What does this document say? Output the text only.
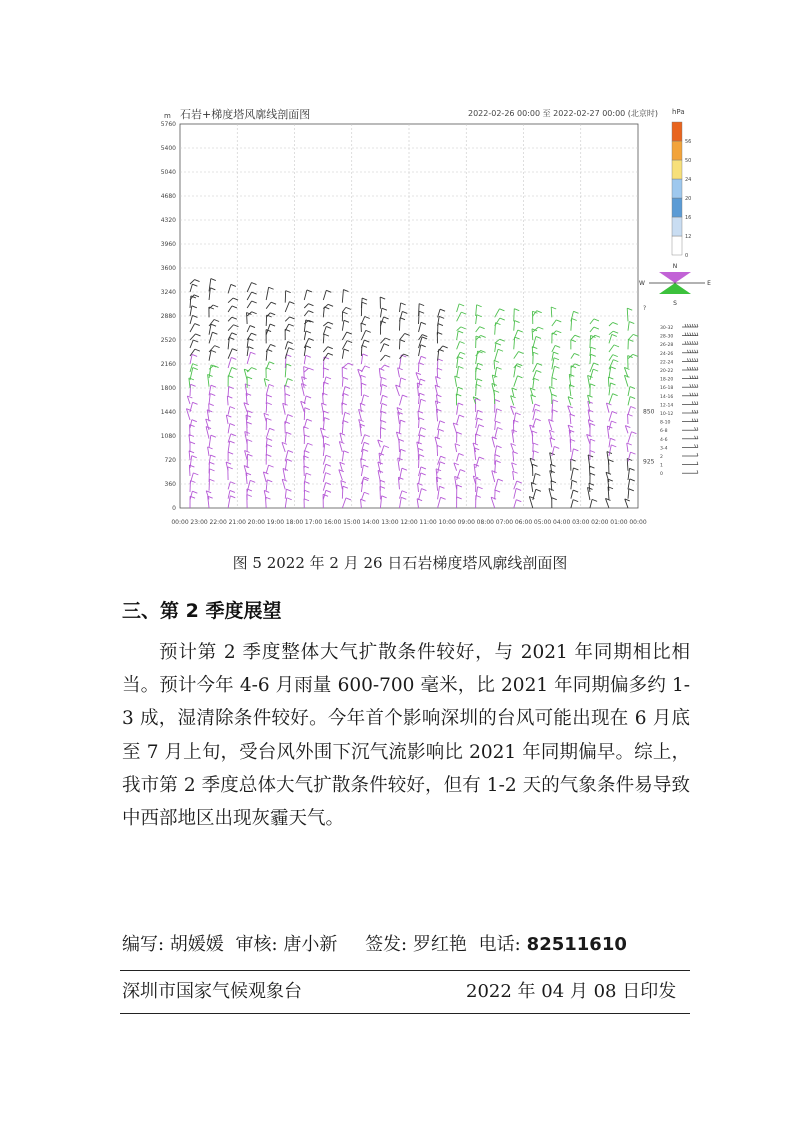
0
360
720
1080
1440
1800
2160
2520
2880
3240
3600
3960
4320
4680
5040
5400
5760
00:00 23:00 22:00 21:00 20:00 19:00 18:00 17:00 16:00 15:00 14:00 13:00 12:00 11:00 10:00 09:00 08:00 07:00 06:00 05:00 04:00 03:00 02:00 01:00 00:00
?
850
925
0
12
16
20
24
50
56
N
S
W	E
30-32
28-30
26-28
24-26
22-24
20-22
18-20
16-18
14-16
12-14
10-12
8-10
6-8
4-6
3-4
2
1
0
石岩+梯度塔风廓线剖面图	2022-02-26 00:00 至 2022-02-27 00:00 (北京时)
m	hPa
图 5 2022 年 2 月 26 日石岩梯度塔风廓线剖面图
三、第 2 季度展望

预计第 2 季度整体大气扩散条件较好，与 2021 年同期相比相当。预计今年 4-6 月雨量 600-700 毫米，比 2021 年同期偏多约 1-3 成，湿清除条件较好。今年首个影响深圳的台风可能出现在 6 月底至 7 月上旬，受台风外围下沉气流影响比 2021 年同期偏早。综上，我市第 2 季度总体大气扩散条件较好，但有 1-2 天的气象条件易导致中西部地区出现灰霾天气。

编写: 胡媛媛 审核: 唐小新 签发: 罗红艳 电话: 82511610
深圳市国家气候观象台	2022 年 04 月 08 日印发
